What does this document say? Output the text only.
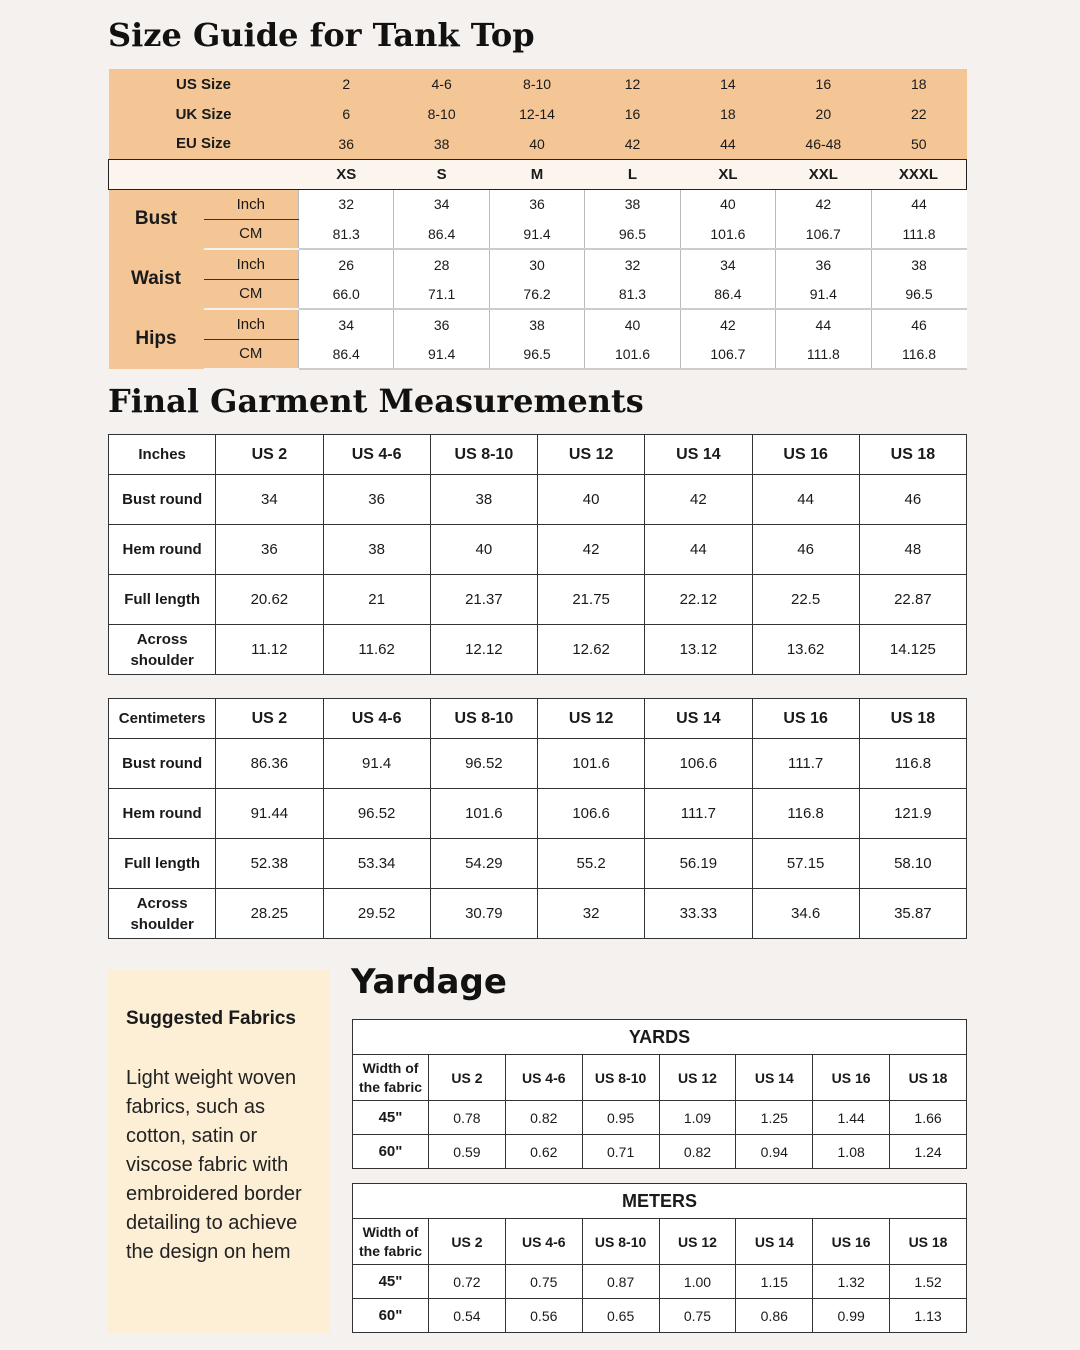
Size Guide for Tank Top
US Size		2	4-6	8-10	12	14	16	18
UK Size		6	8-10	12-14	16	18	20	22
EU Size		36	38	40	42	44	46-48	50
		XS	S	M	L	XL	XXL	XXXL
Bust	Inch	32	34	36	38	40	42	44
	CM	81.3	86.4	91.4	96.5	101.6	106.7	111.8
Waist	Inch	26	28	30	32	34	36	38
	CM	66.0	71.1	76.2	81.3	86.4	91.4	96.5
Hips	Inch	34	36	38	40	42	44	46
	CM	86.4	91.4	96.5	101.6	106.7	111.8	116.8
Final Garment Measurements
Inches	US 2	US 4-6	US 8-10	US 12	US 14	US 16	US 18
Bust round	34	36	38	40	42	44	46
Hem round	36	38	40	42	44	46	48
Full length	20.62	21	21.37	21.75	22.12	22.5	22.87
Across shoulder	11.12	11.62	12.12	12.62	13.12	13.62	14.125
Centimeters	US 2	US 4-6	US 8-10	US 12	US 14	US 16	US 18
Bust round	86.36	91.4	96.52	101.6	106.6	111.7	116.8
Hem round	91.44	96.52	101.6	106.6	111.7	116.8	121.9
Full length	52.38	53.34	54.29	55.2	56.19	57.15	58.10
Across shoulder	28.25	29.52	30.79	32	33.33	34.6	35.87
Suggested Fabrics
Light weight woven fabrics, such as cotton, satin or viscose fabric with embroidered border detailing to achieve the design on hem
Yardage
YARDS							
Width of the fabric	US 2	US 4-6	US 8-10	US 12	US 14	US 16	US 18
45"	0.78	0.82	0.95	1.09	1.25	1.44	1.66
60"	0.59	0.62	0.71	0.82	0.94	1.08	1.24
METERS							
Width of the fabric	US 2	US 4-6	US 8-10	US 12	US 14	US 16	US 18
45"	0.72	0.75	0.87	1.00	1.15	1.32	1.52
60"	0.54	0.56	0.65	0.75	0.86	0.99	1.13
